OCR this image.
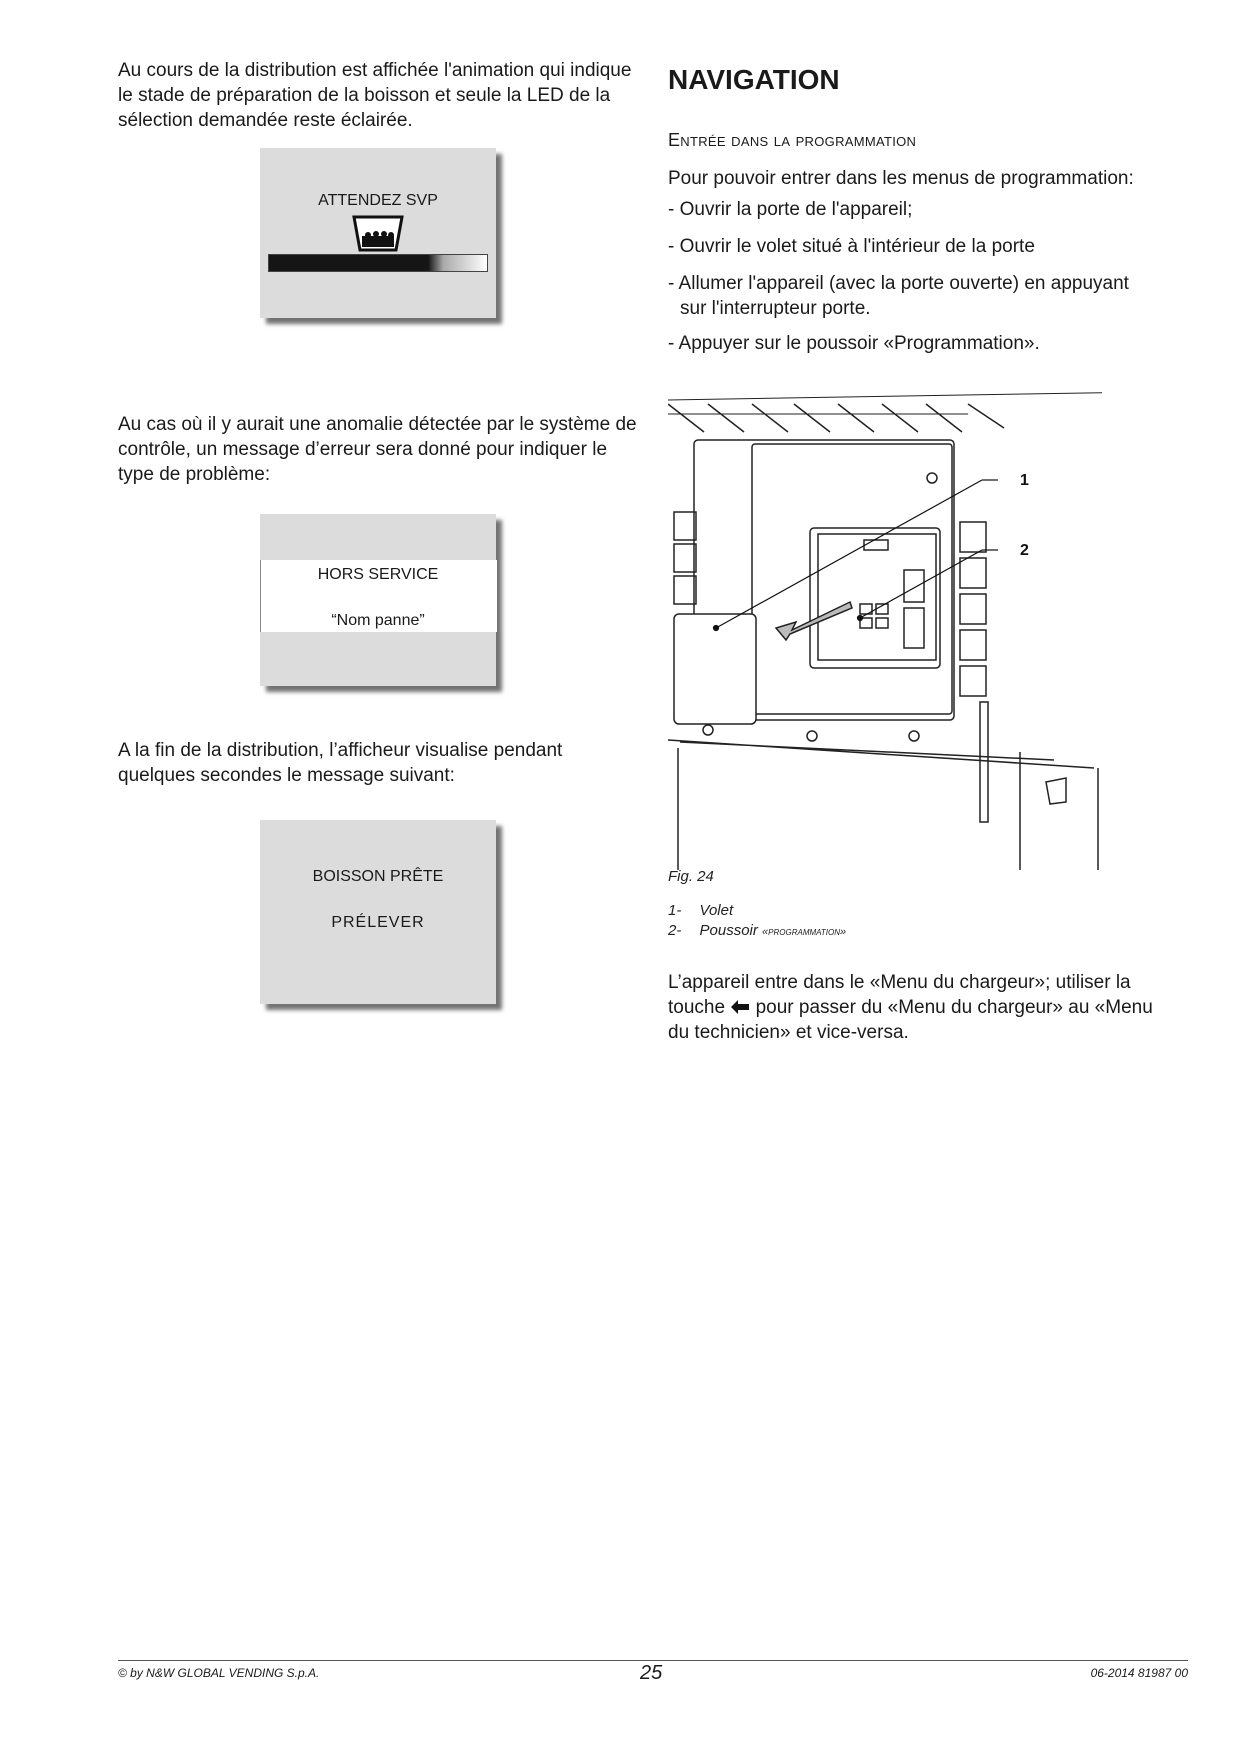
Au cours de la distribution est affichée l'animation qui indique le stade de préparation de la boisson et seule la LED de la sélection demandée reste éclairée.

ATTENDEZ SVP

Au cas où il y aurait une anomalie détectée par le système de contrôle, un message d’erreur sera donné pour indiquer le type de problème:

HORS SERVICE
“Nom panne”

A la fin de la distribution, l’afficheur visualise pendant quelques secondes le message suivant:

BOISSON PRÊTE
PRÉLEVER
NAVIGATION
Entrée dans la programmation

Pour pouvoir entrer dans les menus de programmation:

- Ouvrir la porte de l'appareil;
- Ouvrir le volet situé à l'intérieur de la porte
- Allumer l'appareil (avec la porte ouverte) en appuyant
sur l'interrupteur porte.
- Appuyer sur le poussoir «Programmation».
1
2
Fig. 24
1- Volet
2- Poussoir «programmation»

L’appareil entre dans le «Menu du chargeur»; utiliser la touche pour passer du «Menu du chargeur» au «Menu du technicien» et vice-versa.

© by N&W GLOBAL VENDING S.p.A.	25	06-2014 81987 00
